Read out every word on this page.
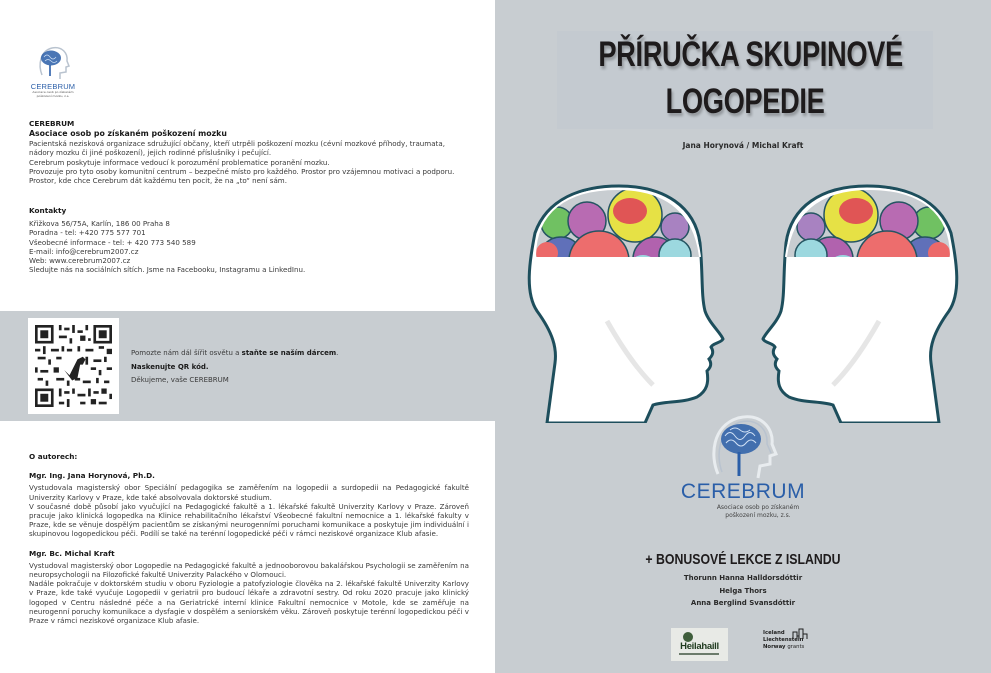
CEREBRUM
Asociace osob po získaném poškození mozku, z.s.
CEREBRUM
Asociace osob po získaném poškození mozku

Pacientská nezisková organizace sdružující občany, kteří utrpěli poškození mozku (cévní mozkové příhody, traumata, nádory mozku či jiné poškození), jejich rodinné příslušníky i pečující.

Cerebrum poskytuje informace vedoucí k porozumění problematice poranění mozku.

Provozuje pro tyto osoby komunitní centrum – bezpečné místo pro každého. Prostor pro vzájemnou motivaci a podporu. Prostor, kde chce Cerebrum dát každému ten pocit, že na „to“ není sám.

Kontakty

Křižkova 56/75A, Karlín, 186 00 Praha 8

Poradna - tel: +420 775 577 701

Všeobecné informace - tel: + 420 773 540 589

E-mail: info@cerebrum2007.cz

Web: www.cerebrum2007.cz

Sledujte nás na sociálních sítích. Jsme na Facebooku, Instagramu a LinkedInu.

Pomozte nám dál šířit osvětu a staňte se naším dárcem.
Naskenujte QR kód.
Děkujeme, vaše CEREBRUM
O autorech:
Mgr. Ing. Jana Horynová, Ph.D.

Vystudovala magisterský obor Speciální pedagogika se zaměřením na logopedii a surdopedii na Pedagogické fakultě Univerzity Karlovy v Praze, kde také absolvovala doktorské studium.

V současné době působí jako vyučující na Pedagogické fakultě a 1. lékařské fakultě Univerzity Karlovy v Praze. Zároveň pracuje jako klinická logopedka na Klinice rehabilitačního lékařství Všeobecné fakultní nemocnice a 1. lékařské fakulty v Praze, kde se věnuje dospělým pacientům se získanými neurogenními poruchami komunikace a poskytuje jim individuální i skupinovou logopedickou péči. Podílí se také na terénní logopedické péči v rámci neziskové organizace Klub afasie.

Mgr. Bc. Michal Kraft

Vystudoval magisterský obor Logopedie na Pedagogické fakultě a jednooborovou bakalářskou Psychologii se zaměřením na neuropsychologii na Filozofické fakultě Univerzity Palackého v Olomouci.

Nadále pokračuje v doktorském studiu v oboru Fyziologie a patofyziologie člověka na 2. lékařské fakultě Univerzity Karlovy v Praze, kde také vyučuje Logopedii v geriatrii pro budoucí lékaře a zdravotní sestry. Od roku 2020 pracuje jako klinický logoped v Centru následné péče a na Geriatrické interní klinice Fakultní nemocnice v Motole, kde se zaměřuje na neurogenní poruchy komunikace a dysfagie v dospělém a seniorském věku. Zároveň poskytuje terénní logopedickou péči v Praze v rámci neziskové organizace Klub afasie.

PŘÍRUČKA SKUPINOVÉ
LOGOPEDIE
Jana Horynová / Michal Kraft
CEREBRUM
Asociace osob po získaném
poškození mozku, z.s.
+ BONUSOVÉ LEKCE Z ISLANDU
Thorunn Hanna Halldorsdóttir
Helga Thors
Anna Berglind Svansdóttir
Heilahaill
Iceland
Liechtenstein
Norway grants
